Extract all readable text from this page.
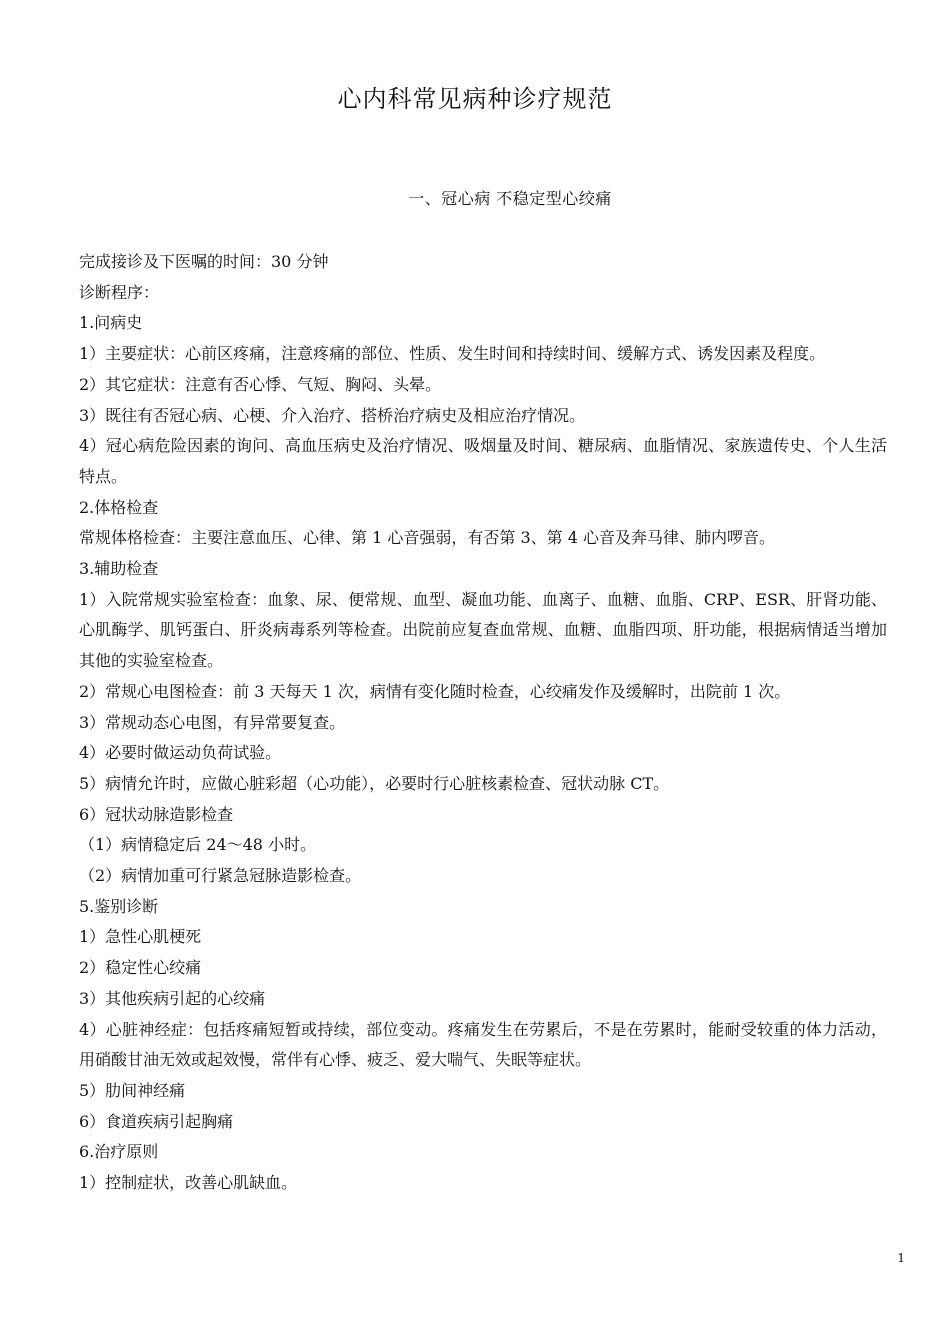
心内科常见病种诊疗规范
一、冠心病 不稳定型心绞痛

完成接诊及下医嘱的时间：30 分钟

诊断程序：

1.问病史

1）主要症状：心前区疼痛，注意疼痛的部位、性质、发生时间和持续时间、缓解方式、诱发因素及程度。

2）其它症状：注意有否心悸、气短、胸闷、头晕。

3）既往有否冠心病、心梗、介入治疗、搭桥治疗病史及相应治疗情况。

4）冠心病危险因素的询问、高血压病史及治疗情况、吸烟量及时间、糖尿病、血脂情况、家族遗传史、个人生活特点。

2.体格检查

常规体格检查：主要注意血压、心律、第 1 心音强弱，有否第 3、第 4 心音及奔马律、肺内啰音。

3.辅助检查

1）入院常规实验室检查：血象、尿、便常规、血型、凝血功能、血离子、血糖、血脂、CRP、ESR、肝肾功能、心肌酶学、肌钙蛋白、肝炎病毒系列等检查。出院前应复查血常规、血糖、血脂四项、肝功能，根据病情适当增加其他的实验室检查。

2）常规心电图检查：前 3 天每天 1 次，病情有变化随时检查，心绞痛发作及缓解时，出院前 1 次。

3）常规动态心电图，有异常要复查。

4）必要时做运动负荷试验。

5）病情允许时，应做心脏彩超（心功能），必要时行心脏核素检查、冠状动脉 CT。

6）冠状动脉造影检查

（1）病情稳定后 24～48 小时。

（2）病情加重可行紧急冠脉造影检查。

5.鉴别诊断

1）急性心肌梗死

2）稳定性心绞痛

3）其他疾病引起的心绞痛

4）心脏神经症：包括疼痛短暂或持续，部位变动。疼痛发生在劳累后，不是在劳累时，能耐受较重的体力活动，用硝酸甘油无效或起效慢，常伴有心悸、疲乏、爱大喘气、失眠等症状。

5）肋间神经痛

6）食道疾病引起胸痛

6.治疗原则

1）控制症状，改善心肌缺血。

1
